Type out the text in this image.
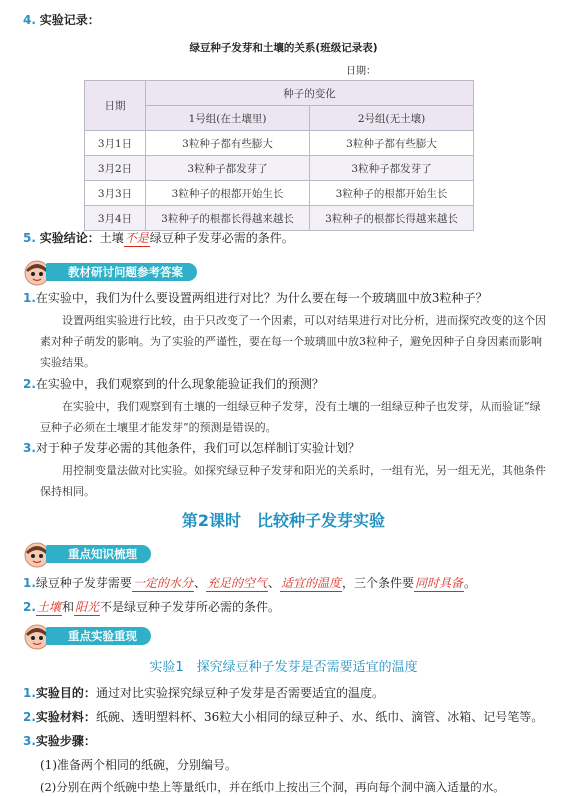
4. 实验记录：
绿豆种子发芽和土壤的关系(班级记录表)
日期：
日期	种子的变化	
	1号组(在土壤里)	2号组(无土壤)
3月1日	3粒种子都有些膨大	3粒种子都有些膨大
3月2日	3粒种子都发芽了	3粒种子都发芽了
3月3日	3粒种子的根都开始生长	3粒种子的根都开始生长
3月4日	3粒种子的根都长得越来越长	3粒种子的根都长得越来越长
5. 实验结论：土壤不是绿豆种子发芽必需的条件。
教材研讨问题参考答案
1.在实验中，我们为什么要设置两组进行对比？为什么要在每一个玻璃皿中放3粒种子？
设置两组实验进行比较，由于只改变了一个因素，可以对结果进行对比分析，进而探究改变的这个因素对种子萌发的影响。为了实验的严谨性，要在每一个玻璃皿中放3粒种子，避免因种子自身因素而影响实验结果。
2.在实验中，我们观察到的什么现象能验证我们的预测？
在实验中，我们观察到有土壤的一组绿豆种子发芽，没有土壤的一组绿豆种子也发芽，从而验证“绿豆种子必须在土壤里才能发芽”的预测是错误的。
3.对于种子发芽必需的其他条件，我们可以怎样制订实验计划？
用控制变量法做对比实验。如探究绿豆种子发芽和阳光的关系时，一组有光，另一组无光，其他条件保持相同。
第2课时　比较种子发芽实验
重点知识梳理
1.绿豆种子发芽需要一定的水分、充足的空气、适宜的温度，三个条件要同时具备。
2.土壤和阳光不是绿豆种子发芽所必需的条件。
重点实验重现
实验1　探究绿豆种子发芽是否需要适宜的温度
1.实验目的：通过对比实验探究绿豆种子发芽是否需要适宜的温度。
2.实验材料：纸碗、透明塑料杯、36粒大小相同的绿豆种子、水、纸巾、滴管、冰箱、记号笔等。
3.实验步骤：
(1)准备两个相同的纸碗，分别编号。
(2)分别在两个纸碗中垫上等量纸巾，并在纸巾上按出三个洞，再向每个洞中滴入适量的水。
